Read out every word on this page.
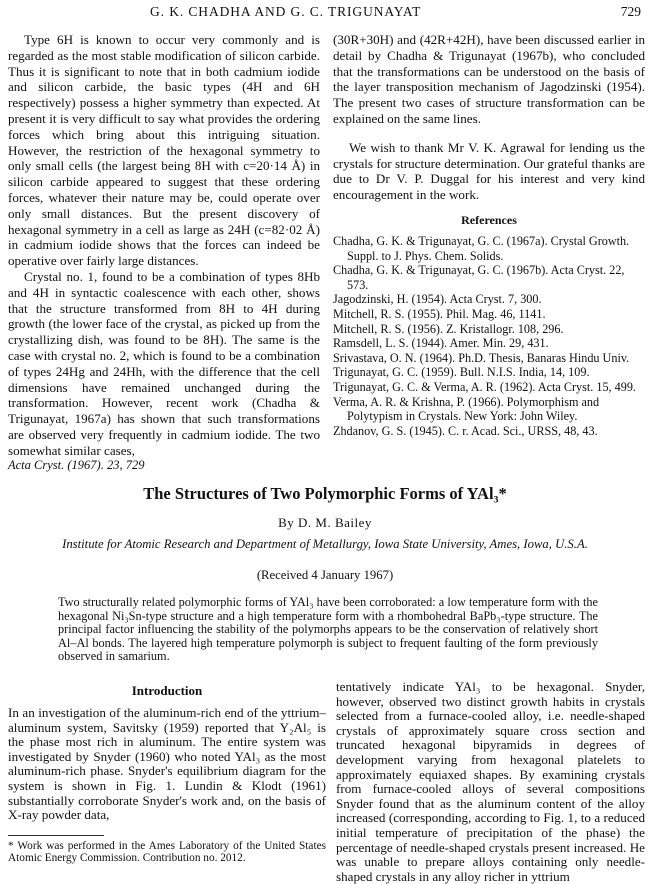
G. K. CHADHA AND G. C. TRIGUNAYAT	729

Type 6H is known to occur very commonly and is regarded as the most stable modification of silicon carbide. Thus it is significant to note that in both cadmium iodide and silicon carbide, the basic types (4H and 6H respectively) possess a higher symmetry than expected. At present it is very difficult to say what provides the ordering forces which bring about this intriguing situation. However, the restriction of the hexagonal symmetry to only small cells (the largest being 8H with c=20·14 Å) in silicon carbide appeared to suggest that these ordering forces, whatever their nature may be, could operate over only small distances. But the present discovery of hexagonal symmetry in a cell as large as 24H (c=82·02 Å) in cadmium iodide shows that the forces can indeed be operative over fairly large distances.

Crystal no. 1, found to be a combination of types 8Hb and 4H in syntactic coalescence with each other, shows that the structure transformed from 8H to 4H during growth (the lower face of the crystal, as picked up from the crystallizing dish, was found to be 8H). The same is the case with crystal no. 2, which is found to be a combination of types 24Hg and 24Hh, with the difference that the cell dimensions have remained unchanged during the transformation. However, recent work (Chadha & Trigunayat, 1967a) has shown that such transformations are observed very frequently in cadmium iodide. The two somewhat similar cases,

(30R+30H) and (42R+42H), have been discussed earlier in detail by Chadha & Trigunayat (1967b), who concluded that the transformations can be understood on the basis of the layer transposition mechanism of Jagodzinski (1954). The present two cases of structure transformation can be explained on the same lines.

We wish to thank Mr V. K. Agrawal for lending us the crystals for structure determination. Our grateful thanks are due to Dr V. P. Duggal for his interest and very kind encouragement in the work.

References

Chadha, G. K. & Trigunayat, G. C. (1967a). Crystal Growth. Suppl. to J. Phys. Chem. Solids.

Chadha, G. K. & Trigunayat, G. C. (1967b). Acta Cryst. 22, 573.

Jagodzinski, H. (1954). Acta Cryst. 7, 300.

Mitchell, R. S. (1955). Phil. Mag. 46, 1141.

Mitchell, R. S. (1956). Z. Kristallogr. 108, 296.

Ramsdell, L. S. (1944). Amer. Min. 29, 431.

Srivastava, O. N. (1964). Ph.D. Thesis, Banaras Hindu Univ.

Trigunayat, G. C. (1959). Bull. N.I.S. India, 14, 109.

Trigunayat, G. C. & Verma, A. R. (1962). Acta Cryst. 15, 499.

Verma, A. R. & Krishna, P. (1966). Polymorphism and Polytypism in Crystals. New York: John Wiley.

Zhdanov, G. S. (1945). C. r. Acad. Sci., URSS, 48, 43.

Acta Cryst. (1967). 23, 729
The Structures of Two Polymorphic Forms of YAl₃*
By D. M. Bailey
Institute for Atomic Research and Department of Metallurgy, Iowa State University, Ames, Iowa, U.S.A.
(Received 4 January 1967)

Two structurally related polymorphic forms of YAl₃ have been corroborated: a low temperature form with the hexagonal Ni₃Sn-type structure and a high temperature form with a rhombohedral BaPb₃-type structure. The principal factor influencing the stability of the polymorphs appears to be the conservation of relatively short Al–Al bonds. The layered high temperature polymorph is subject to frequent faulting of the form previously observed in samarium.

Introduction

In an investigation of the aluminum-rich end of the yttrium–aluminum system, Savitsky (1959) reported that Y₂Al₅ is the phase most rich in aluminum. The entire system was investigated by Snyder (1960) who noted YAl₃ as the most aluminum-rich phase. Snyder's equilibrium diagram for the system is shown in Fig. 1. Lundin & Klodt (1961) substantially corroborate Snyder's work and, on the basis of X-ray powder data,

* Work was performed in the Ames Laboratory of the United States Atomic Energy Commission. Contribution no. 2012.

tentatively indicate YAl₃ to be hexagonal. Snyder, however, observed two distinct growth habits in crystals selected from a furnace-cooled alloy, i.e. needle-shaped crystals of approximately square cross section and truncated hexagonal bipyramids in degrees of development varying from hexagonal platelets to approximately equiaxed shapes. By examining crystals from furnace-cooled alloys of several compositions Snyder found that as the aluminum content of the alloy increased (corresponding, according to Fig. 1, to a reduced initial temperature of precipitation of the phase) the percentage of needle-shaped crystals present increased. He was unable to prepare alloys containing only needle-shaped crystals in any alloy richer in yttrium
